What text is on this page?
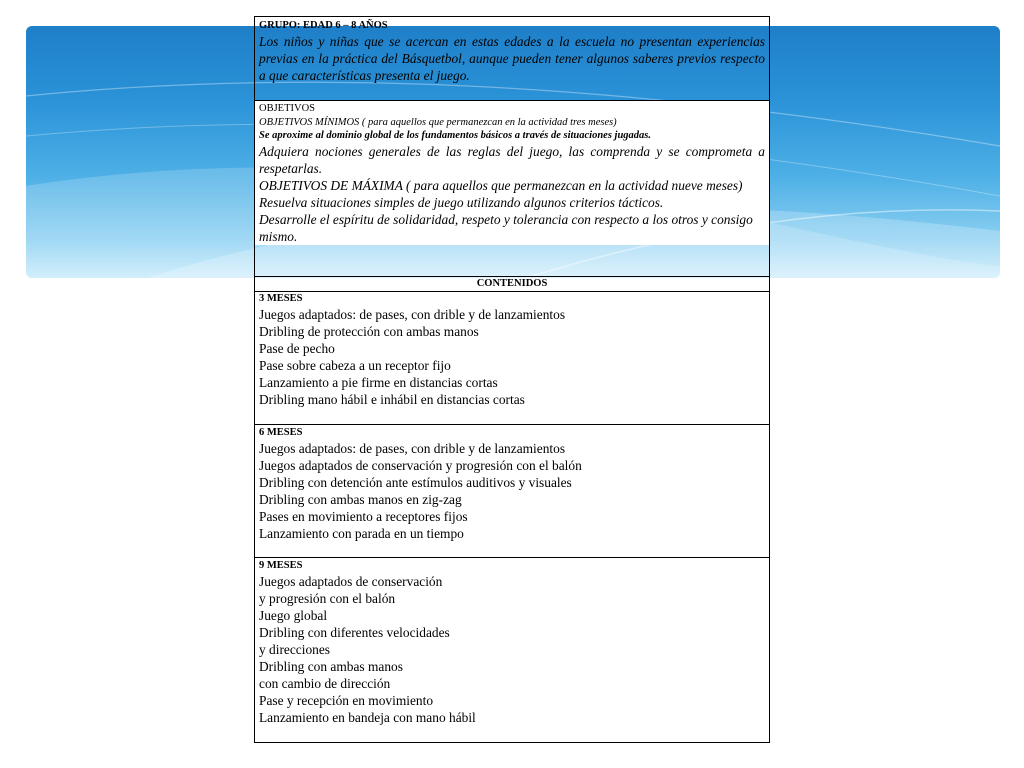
GRUPO: EDAD 6 – 8 AÑOS
Los niños y niñas que se acercan en estas edades a la escuela no presentan experiencias previas en la práctica del Básquetbol, aunque pueden tener algunos saberes previos respecto a que características presenta el juego.
OBJETIVOS
OBJETIVOS MÍNIMOS ( para aquellos que permanezcan en la actividad tres meses)
Se aproxime al dominio global de los fundamentos básicos a través de situaciones jugadas.
Adquiera nociones generales de las reglas del juego, las comprenda y se comprometa a respetarlas.
OBJETIVOS DE MÁXIMA ( para aquellos que permanezcan en la actividad nueve meses)
Resuelva situaciones simples de juego utilizando algunos criterios tácticos.
Desarrolle el espíritu de solidaridad, respeto y tolerancia con respecto a los otros y consigo mismo.
CONTENIDOS
3 MESES
Juegos adaptados: de pases, con drible y de lanzamientos
Dribling de protección con ambas manos
Pase de pecho
Pase sobre cabeza a un receptor fijo
Lanzamiento a pie firme en distancias cortas
Dribling mano hábil e inhábil en distancias cortas
6 MESES
Juegos adaptados: de pases, con drible y de lanzamientos
Juegos adaptados de conservación y progresión con el balón
Dribling con detención ante estímulos auditivos y visuales
Dribling con ambas manos en zig-zag
Pases en movimiento a receptores fijos
Lanzamiento con parada en un tiempo
9 MESES
Juegos adaptados de conservación
y progresión con el balón
Juego global
Dribling con diferentes velocidades
y direcciones
Dribling con ambas manos
con cambio de dirección
Pase y recepción en movimiento
Lanzamiento en bandeja con mano hábil
